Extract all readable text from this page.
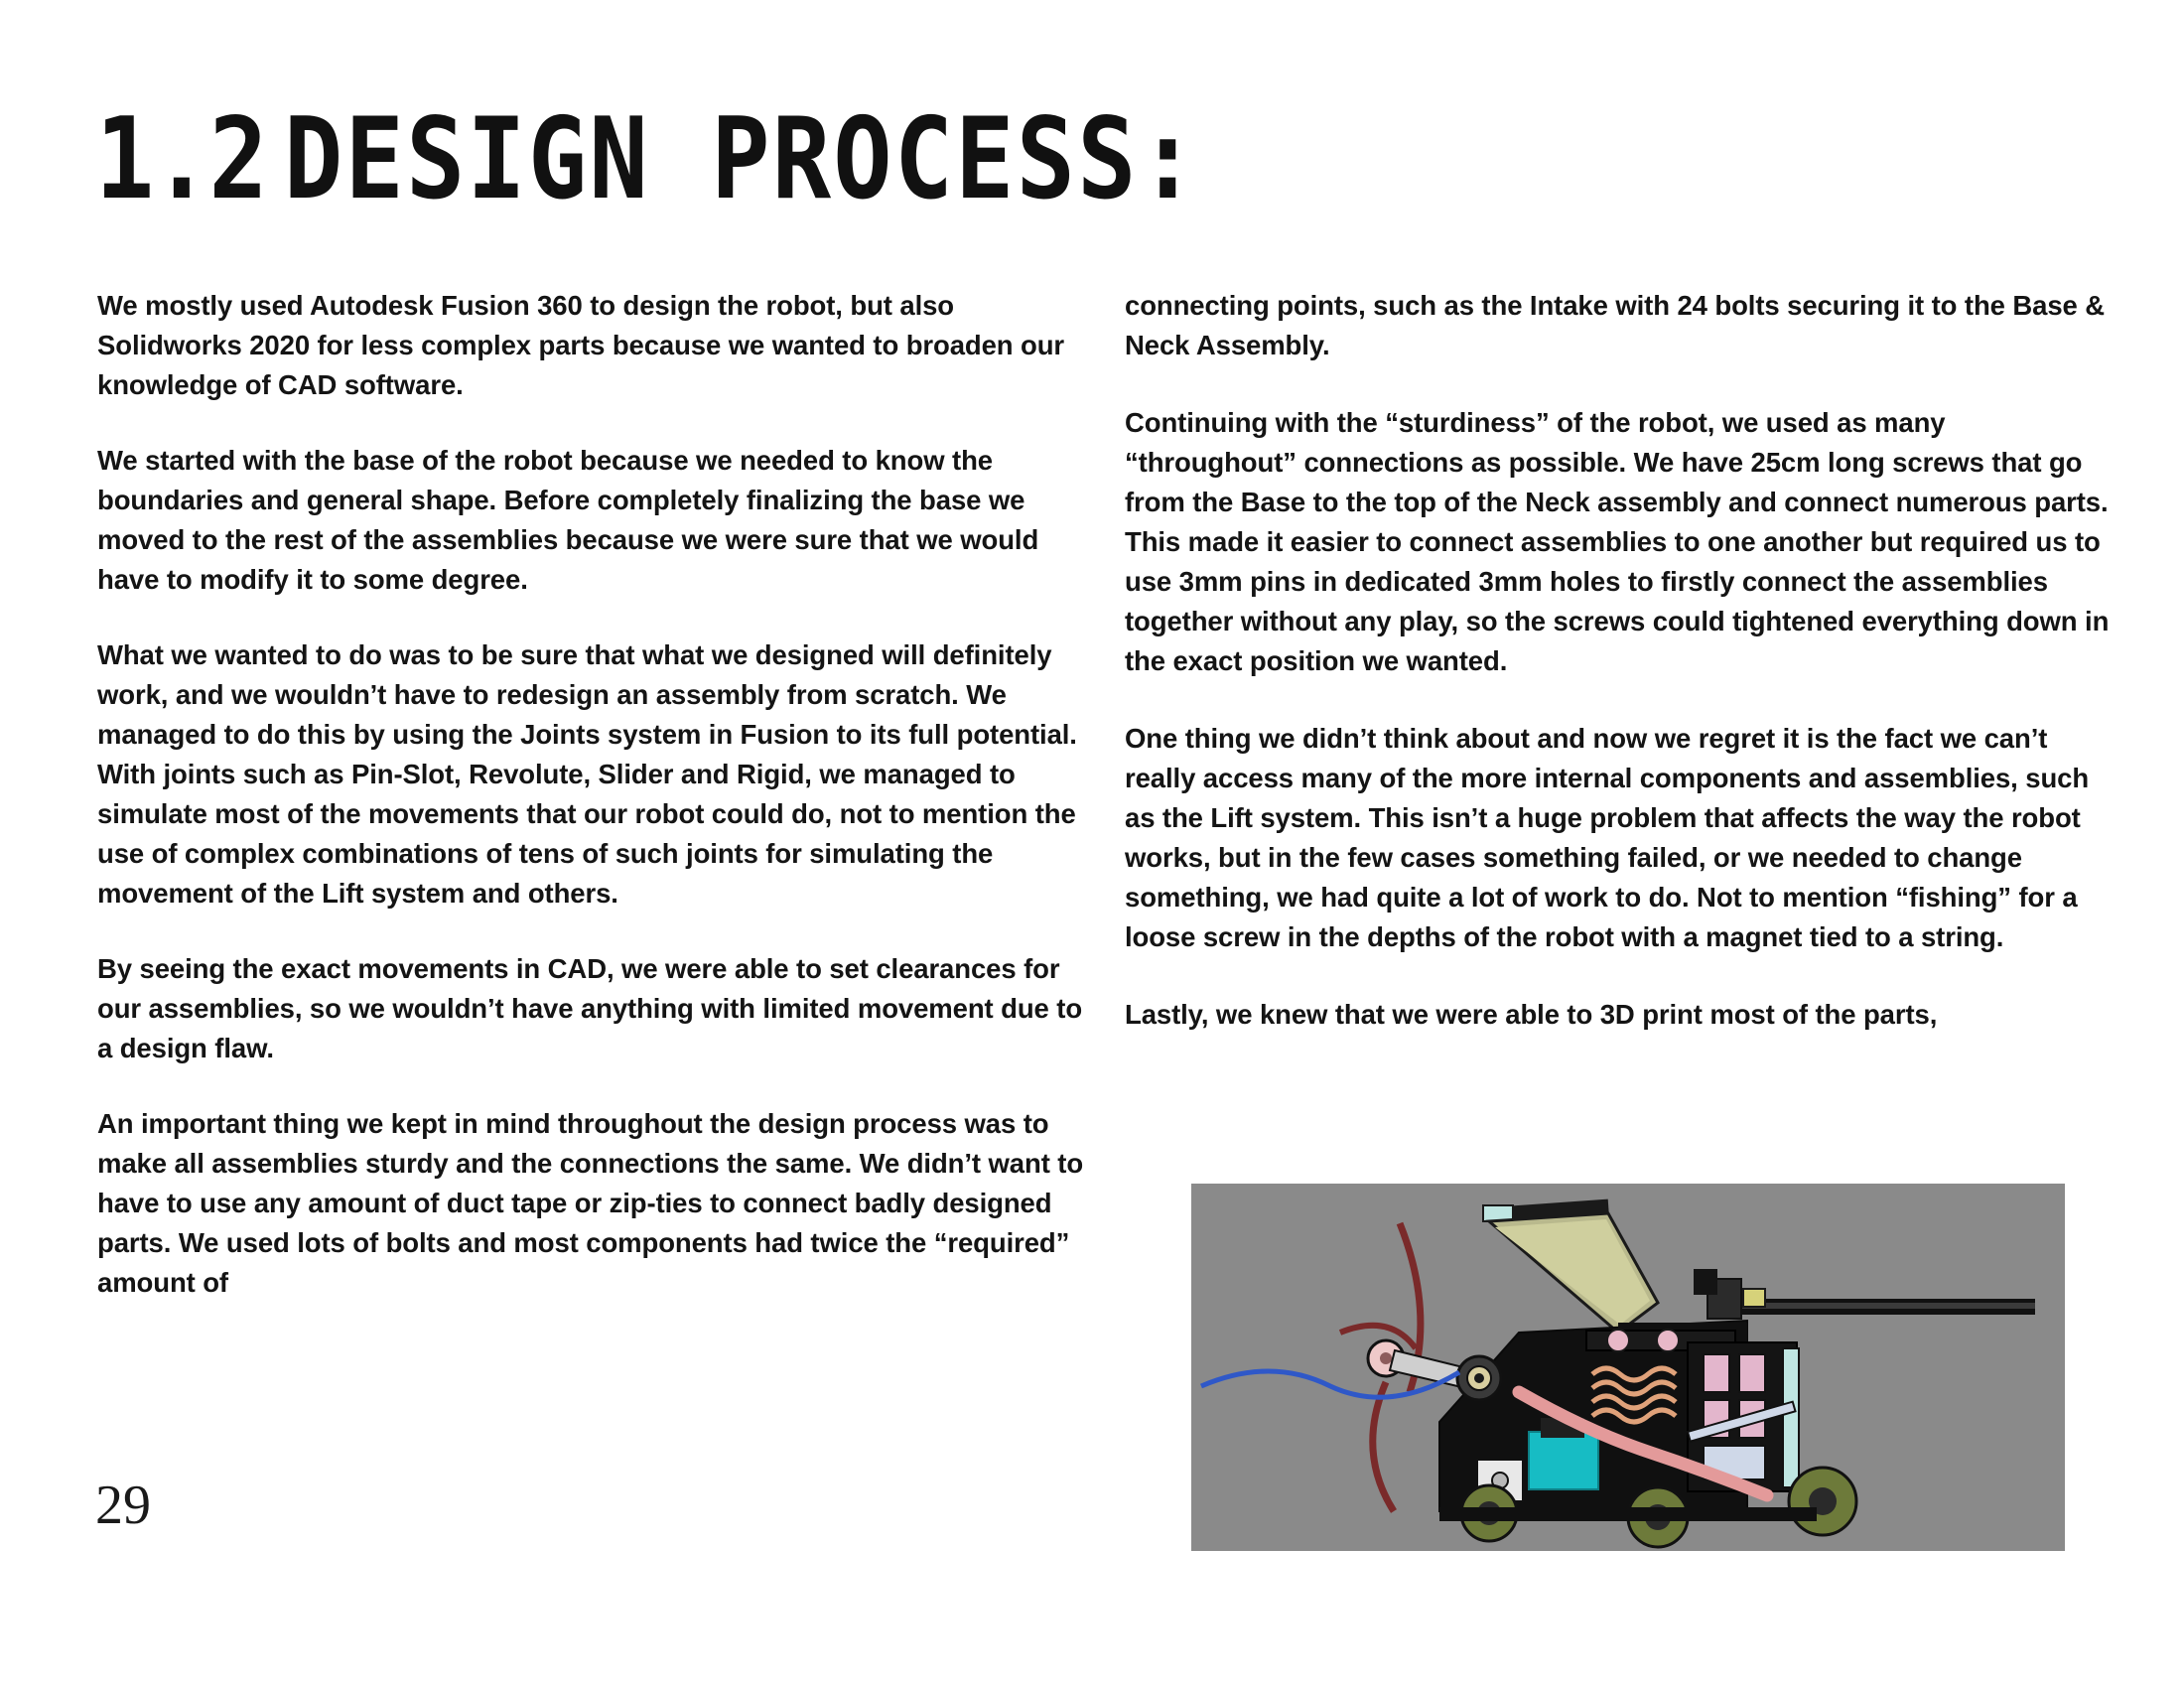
1.2 DESIGN PROCESS:

We mostly used Autodesk Fusion 360 to design the robot, but also Solidworks 2020 for less complex parts because we wanted to broaden our knowledge of CAD software.

We started with the base of the robot because we needed to know the boundaries and general shape. Before completely finalizing the base we moved to the rest of the assemblies because we were sure that we would have to modify it to some degree.

What we wanted to do was to be sure that what we designed will definitely work, and we wouldn’t have to redesign an assembly from scratch. We managed to do this by using the Joints system in Fusion to its full potential. With joints such as Pin-Slot, Revolute, Slider and Rigid, we managed to simulate most of the movements that our robot could do, not to mention the use of complex combinations of tens of such joints for simulating the movement of the Lift system and others.

By seeing the exact movements in CAD, we were able to set clearances for our assemblies, so we wouldn’t have anything with limited movement due to a design flaw.

An important thing we kept in mind throughout the design process was to make all assemblies sturdy and the connections the same. We didn’t want to have to use any amount of duct tape or zip-ties to connect badly designed parts. We used lots of bolts and most components had twice the “required” amount of

connecting points, such as the Intake with 24 bolts securing it to the Base & Neck Assembly.

Continuing with the “sturdiness” of the robot, we used as many “throughout” connections as possible. We have 25cm long screws that go from the Base to the top of the Neck assembly and connect numerous parts. This made it easier to connect assemblies to one another but required us to use 3mm pins in dedicated 3mm holes to firstly connect the assemblies together without any play, so the screws could tightened everything down in the exact position we wanted.

One thing we didn’t think about and now we regret it is the fact we can’t really access many of the more internal components and assemblies, such as the Lift system. This isn’t a huge problem that affects the way the robot works, but in the few cases something failed, or we needed to change something, we had quite a lot of work to do. Not to mention “fishing” for a loose screw in the depths of the robot with a magnet tied to a string.

Lastly, we knew that we were able to 3D print most of the parts,

29
